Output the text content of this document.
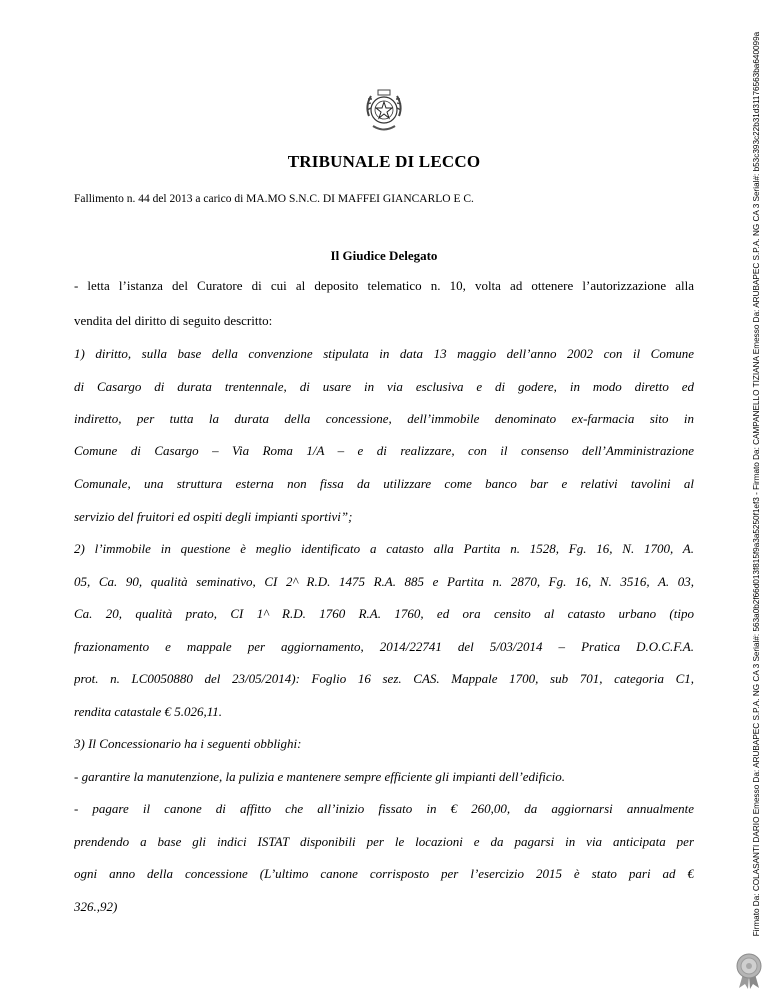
TRIBUNALE DI LECCO
Fallimento n. 44 del 2013 a carico di MA.MO S.N.C. DI MAFFEI GIANCARLO E C.
Il Giudice Delegato
- letta l’istanza del Curatore di cui al deposito telematico n. 10, volta ad ottenere l’autorizzazione alla
vendita del diritto di seguito descritto:
1) diritto, sulla base della convenzione stipulata in data 13 maggio dell’anno 2002 con il Comune
di Casargo di durata trentennale, di usare in via esclusiva e di godere, in modo diretto ed
indiretto, per tutta la durata della concessione, dell’immobile denominato ex-farmacia sito in
Comune di Casargo – Via Roma 1/A – e di realizzare, con il consenso dell’Amministrazione
Comunale, una struttura esterna non fissa da utilizzare come banco bar e relativi tavolini al
servizio del fruitori ed ospiti degli impianti sportivi”;
2) l’immobile in questione è meglio identificato a catasto alla Partita n. 1528, Fg. 16, N. 1700, A.
05, Ca. 90, qualità seminativo, CI 2^ R.D. 1475 R.A. 885 e Partita n. 2870, Fg. 16, N. 3516, A. 03,
Ca. 20, qualità prato, CI 1^ R.D. 1760 R.A. 1760, ed ora censito al catasto urbano (tipo
frazionamento e mappale per aggiornamento, 2014/22741 del 5/03/2014 – Pratica D.O.C.F.A.
prot. n. LC0050880 del 23/05/2014): Foglio 16 sez. CAS. Mappale 1700, sub 701, categoria C1,
rendita catastale € 5.026,11.
3) Il Concessionario ha i seguenti obblighi:
- garantire la manutenzione, la pulizia e mantenere sempre efficiente gli impianti dell’edificio.
- pagare il canone di affitto che all’inizio fissato in € 260,00, da aggiornarsi annualmente
prendendo a base gli indici ISTAT disponibili per le locazioni e da pagarsi in via anticipata per
ogni anno della concessione (L’ultimo canone corrisposto per l’esercizio 2015 è stato pari ad €
326.,92)	Firmato Da: COLASANTI DARIO Emesso Da: ARUBAPEC S.P.A. NG CA 3 Serial#: 563a0b2f66d013f815f9a3a5250f1ef3 - Firmato Da: CAMPANELLO TIZIANA Emesso Da: ARUBAPEC S.P.A. NG CA 3 Serial#: b53c393c22b31d31176563ba640099a
